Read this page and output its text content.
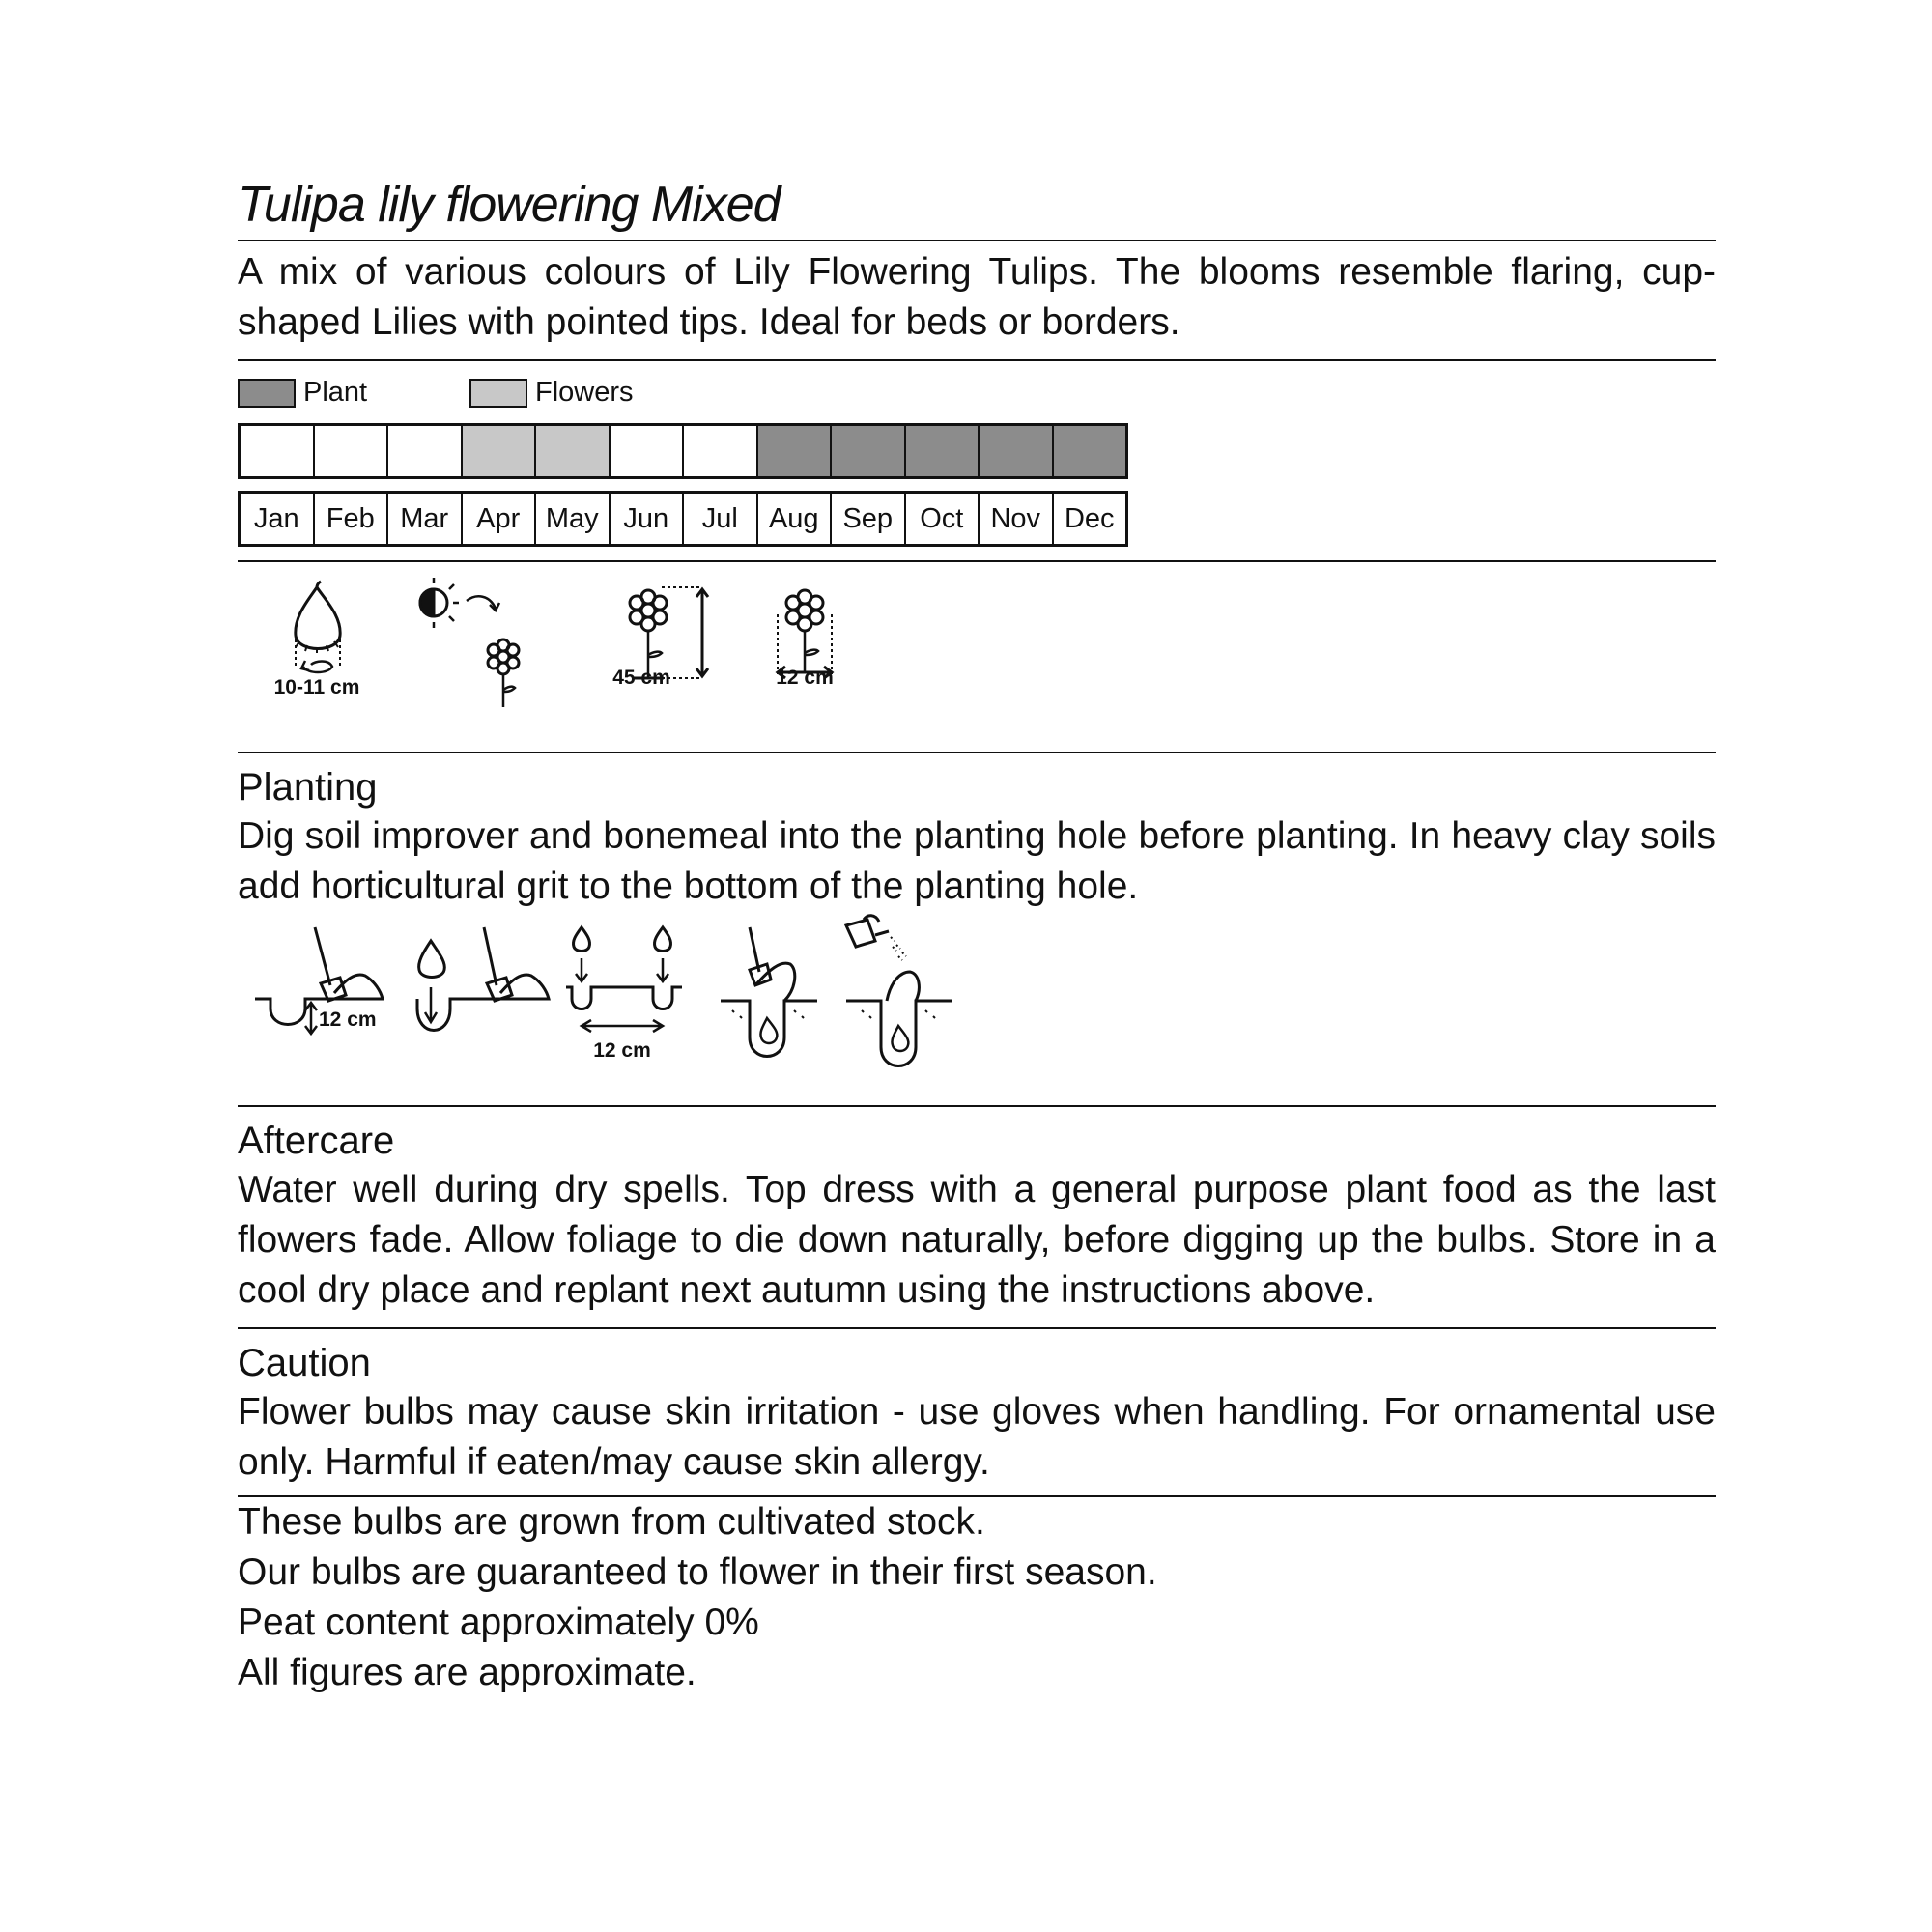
Tulipa lily flowering Mixed
A mix of various colours of Lily Flowering Tulips. The blooms resemble flaring, cup-shaped Lilies with pointed tips. Ideal for beds or borders.
Plant	Flowers
Jan Feb Mar Apr May Jun	Jul	Aug Sep Oct Nov Dec
10-11 cm	45 cm	12 cm
Planting
Dig soil improver and bonemeal into the planting hole before planting. In heavy clay soils add horticultural grit to the bottom of the planting hole.
12 cm
12 cm
Aftercare
Water well during dry spells. Top dress with a general purpose plant food as the last flowers fade. Allow foliage to die down naturally, before digging up the bulbs. Store in a cool dry place and replant next autumn using the instructions above.
Caution
Flower bulbs may cause skin irritation - use gloves when handling. For ornamental use only. Harmful if eaten/may cause skin allergy.
These bulbs are grown from cultivated stock.
Our bulbs are guaranteed to flower in their first season.
Peat content approximately 0%
All figures are approximate.
